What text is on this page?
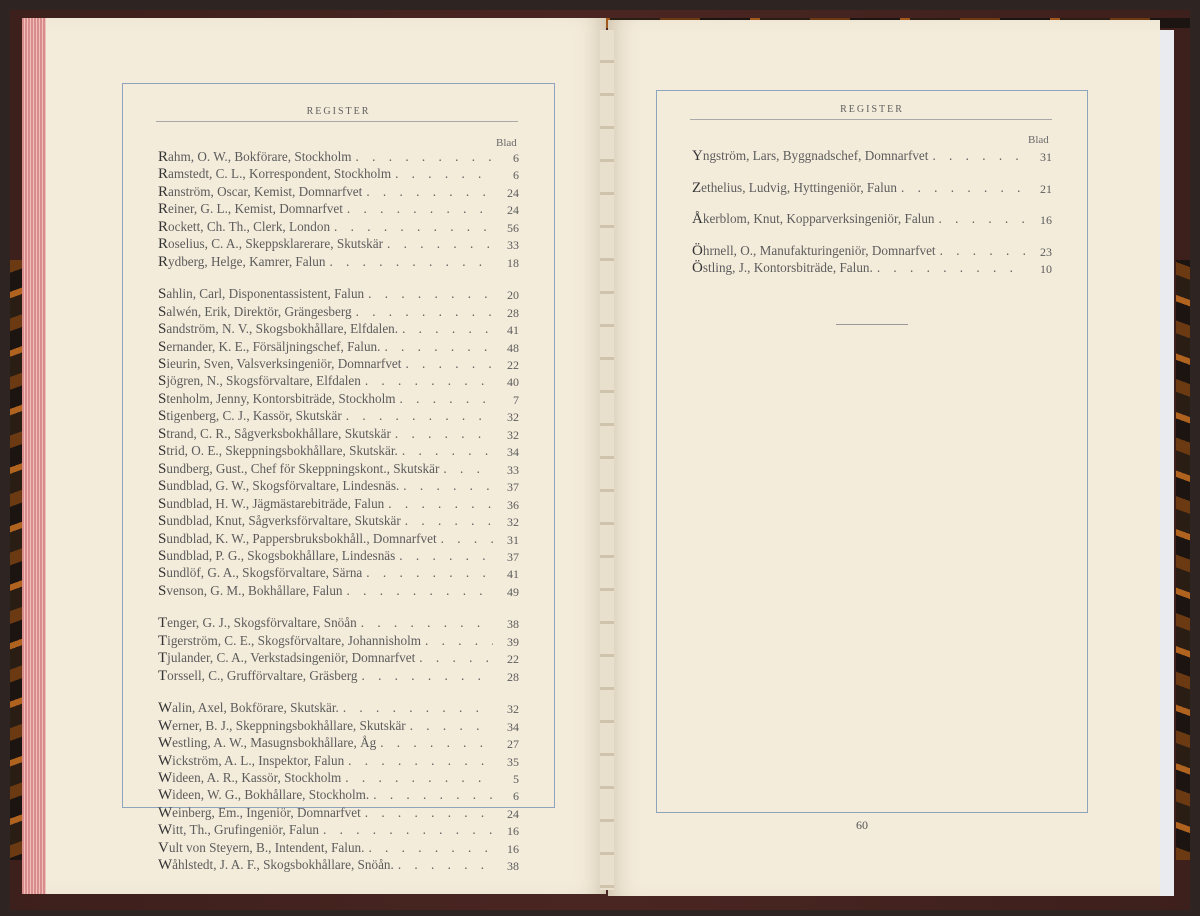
REGISTER
Blad
Rahm, O. W., Bokförare, Stockholm . . .	6
Ramstedt, C. L., Korrespondent, Stockholm . . .	6
Ranström, Oscar, Kemist, Domnarfvet . . .	24
Reiner, G. L., Kemist, Domnarfvet . . .	24
Rockett, Ch. Th., Clerk, London . . .	56
Roselius, C. A., Skeppsklarerare, Skutskär . . .	33
Rydberg, Helge, Kamrer, Falun . . .	18
Sahlin, Carl, Disponentassistent, Falun . . .	20
Salwén, Erik, Direktör, Grängesberg . . .	28
Sandström, N. V., Skogsbokhållare, Elfdalen. . . .	41
Sernander, K. E., Försäljningschef, Falun. . . .	48
Sieurin, Sven, Valsverksingeniör, Domnarfvet . . .	22
Sjögren, N., Skogsförvaltare, Elfdalen . . .	40
Stenholm, Jenny, Kontorsbiträde, Stockholm . . .	7
Stigenberg, C. J., Kassör, Skutskär . . .	32
Strand, C. R., Sågverksbokhållare, Skutskär . . .	32
Strid, O. E., Skeppningsbokhållare, Skutskär. . . .	34
Sundberg, Gust., Chef för Skeppningskont., Skutskär . . .	33
Sundblad, G. W., Skogsförvaltare, Lindesnäs. . . .	37
Sundblad, H. W., Jägmästarebiträde, Falun . . .	36
Sundblad, Knut, Sågverksförvaltare, Skutskär . . .	32
Sundblad, K. W., Pappersbruksbokhåll., Domnarfvet . . .	31
Sundblad, P. G., Skogsbokhållare, Lindesnäs . . .	37
Sundlöf, G. A., Skogsförvaltare, Särna . . .	41
Svenson, G. M., Bokhållare, Falun . . .	49
Tenger, G. J., Skogsförvaltare, Snöån . . .	38
Tigerström, C. E., Skogsförvaltare, Johannisholm . . .	39
Tjulander, C. A., Verkstadsingeniör, Domnarfvet . . .	22
Torssell, C., Grufförvaltare, Gräsberg . . .	28
Walin, Axel, Bokförare, Skutskär. . . .	32
Werner, B. J., Skeppningsbokhållare, Skutskär . . .	34
Westling, A. W., Masugnsbokhållare, Åg . . .	27
Wickström, A. L., Inspektor, Falun . . .	35
Wideen, A. R., Kassör, Stockholm . . .	5
Wideen, W. G., Bokhållare, Stockholm. . . .	6
Weinberg, Em., Ingeniör, Domnarfvet . . .	24
Witt, Th., Grufingeniör, Falun . . .	16
Vult von Steyern, B., Intendent, Falun. . . .	16
Wåhlstedt, J. A. F., Skogsbokhållare, Snöån. . . .	38
REGISTER
Blad
Yngström, Lars, Byggnadschef, Domnarfvet . . .	31
Zethelius, Ludvig, Hyttingeniör, Falun . . .	21
Åkerblom, Knut, Kopparverksingeniör, Falun . . .	16
Öhrnell, O., Manufakturingeniör, Domnarfvet . . .	23
Östling, J., Kontorsbiträde, Falun. . . .	10
60
